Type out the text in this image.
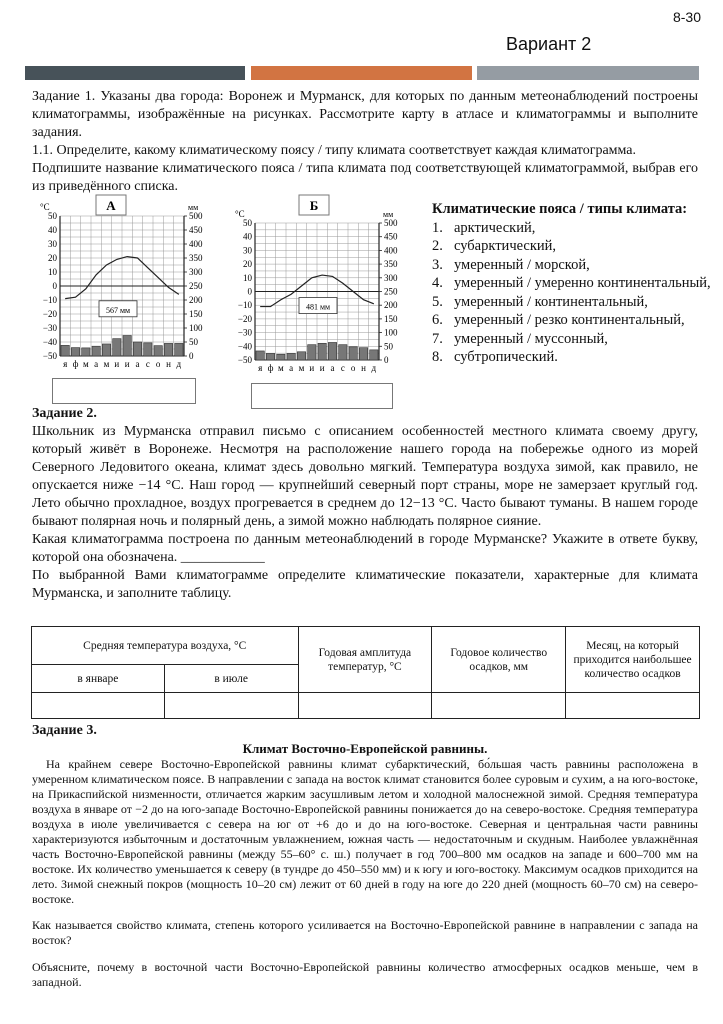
8-30
Вариант 2

Задание 1. Указаны два города: Воронеж и Мурманск, для которых по данным метеонаблюдений построены климатограммы, изображённые на рисунках. Рассмотрите карту в атласе и климатограммы и выполните задания.

1.1. Определите, какому климатическому поясу / типу климата соответствует каждая климатограмма.

Подпишите название климатического пояса / типа климата под соответствующей климатограммой, выбрав его из приведённого списка.

А
°C	мм
50
40
30
20
10
0
−10
−20
−30
−40
−50
500
450
400
350
300
250
200
150
100
50
0
567 мм
я ф м а м и и а с о н д
Б
°C	мм
50
40
30
20
10
0
−10
−20
−30
−40
−50
500
450
400
350
300
250
200
150
100
50
0
481 мм
я ф м а м и и а с о н д
Климатические пояса / типы климата:
1. арктический,
2. субарктический,
3. умеренный / морской,
4. умеренный / умеренно континентальный,
5. умеренный / континентальный,
6. умеренный / резко континентальный,
7. умеренный / муссонный,
8. субтропический.

Задание 2.

Школьник из Мурманска отправил письмо с описанием особенностей местного климата своему другу, который живёт в Воронеже. Несмотря на расположение нашего города на побережье одного из морей Северного Ледовитого океана, климат здесь довольно мягкий. Температура воздуха зимой, как правило, не опускается ниже −14 °C. Наш город — крупнейший северный порт страны, море не замерзает круглый год. Лето обычно прохладное, воздух прогревается в среднем до 12−13 °C. Часто бывают туманы. В нашем городе бывают полярная ночь и полярный день, а зимой можно наблюдать полярное сияние.

Какая климатограмма построена по данным метеонаблюдений в городе Мурманске? Укажите в ответе букву, которой она обозначена. ____________

По выбранной Вами климатограмме определите климатические показатели, характерные для климата Мурманска, и заполните таблицу.

Средняя температура воздуха, °C		Годовая амплитуда температур, °C	Годовое количество осадков, мм	Месяц, на который приходится наибольшее количество осадков
в январе	в июле			

Задание 3.

Климат Восточно-Европейской равнины.

На крайнем севере Восточно-Европейской равнины климат субарктический, бо́льшая часть равнины расположена в умеренном климатическом поясе. В направлении с запада на восток климат становится более суровым и сухим, а на юго-востоке, на Прикаспийской низменности, отличается жарким засушливым летом и холодной малоснежной зимой. Средняя температура воздуха в январе от −2 до на юго-западе Восточно-Европейской равнины понижается до на северо-востоке. Средняя температура воздуха в июле увеличивается с севера на юг от +6 до и до на юго-востоке. Северная и центральная части равнины характеризуются избыточным и достаточным увлажнением, южная часть — недостаточным и скудным. Наиболее увлажнённая часть Восточно-Европейской равнины (между 55–60° с. ш.) получает в год 700–800 мм осадков на западе и 600–700 мм на востоке. Их количество уменьшается к северу (в тундре до 450–550 мм) и к югу и юго-востоку. Максимум осадков приходится на лето. Зимой снежный покров (мощность 10–20 см) лежит от 60 дней в году на юге до 220 дней (мощность 60–70 см) на северо-востоке.
Как называется свойство климата, степень которого усиливается на Восточно-Европейской равнине в направлении с запада на восток?
Объясните, почему в восточной части Восточно-Европейской равнины количество атмосферных осадков меньше, чем в западной.
